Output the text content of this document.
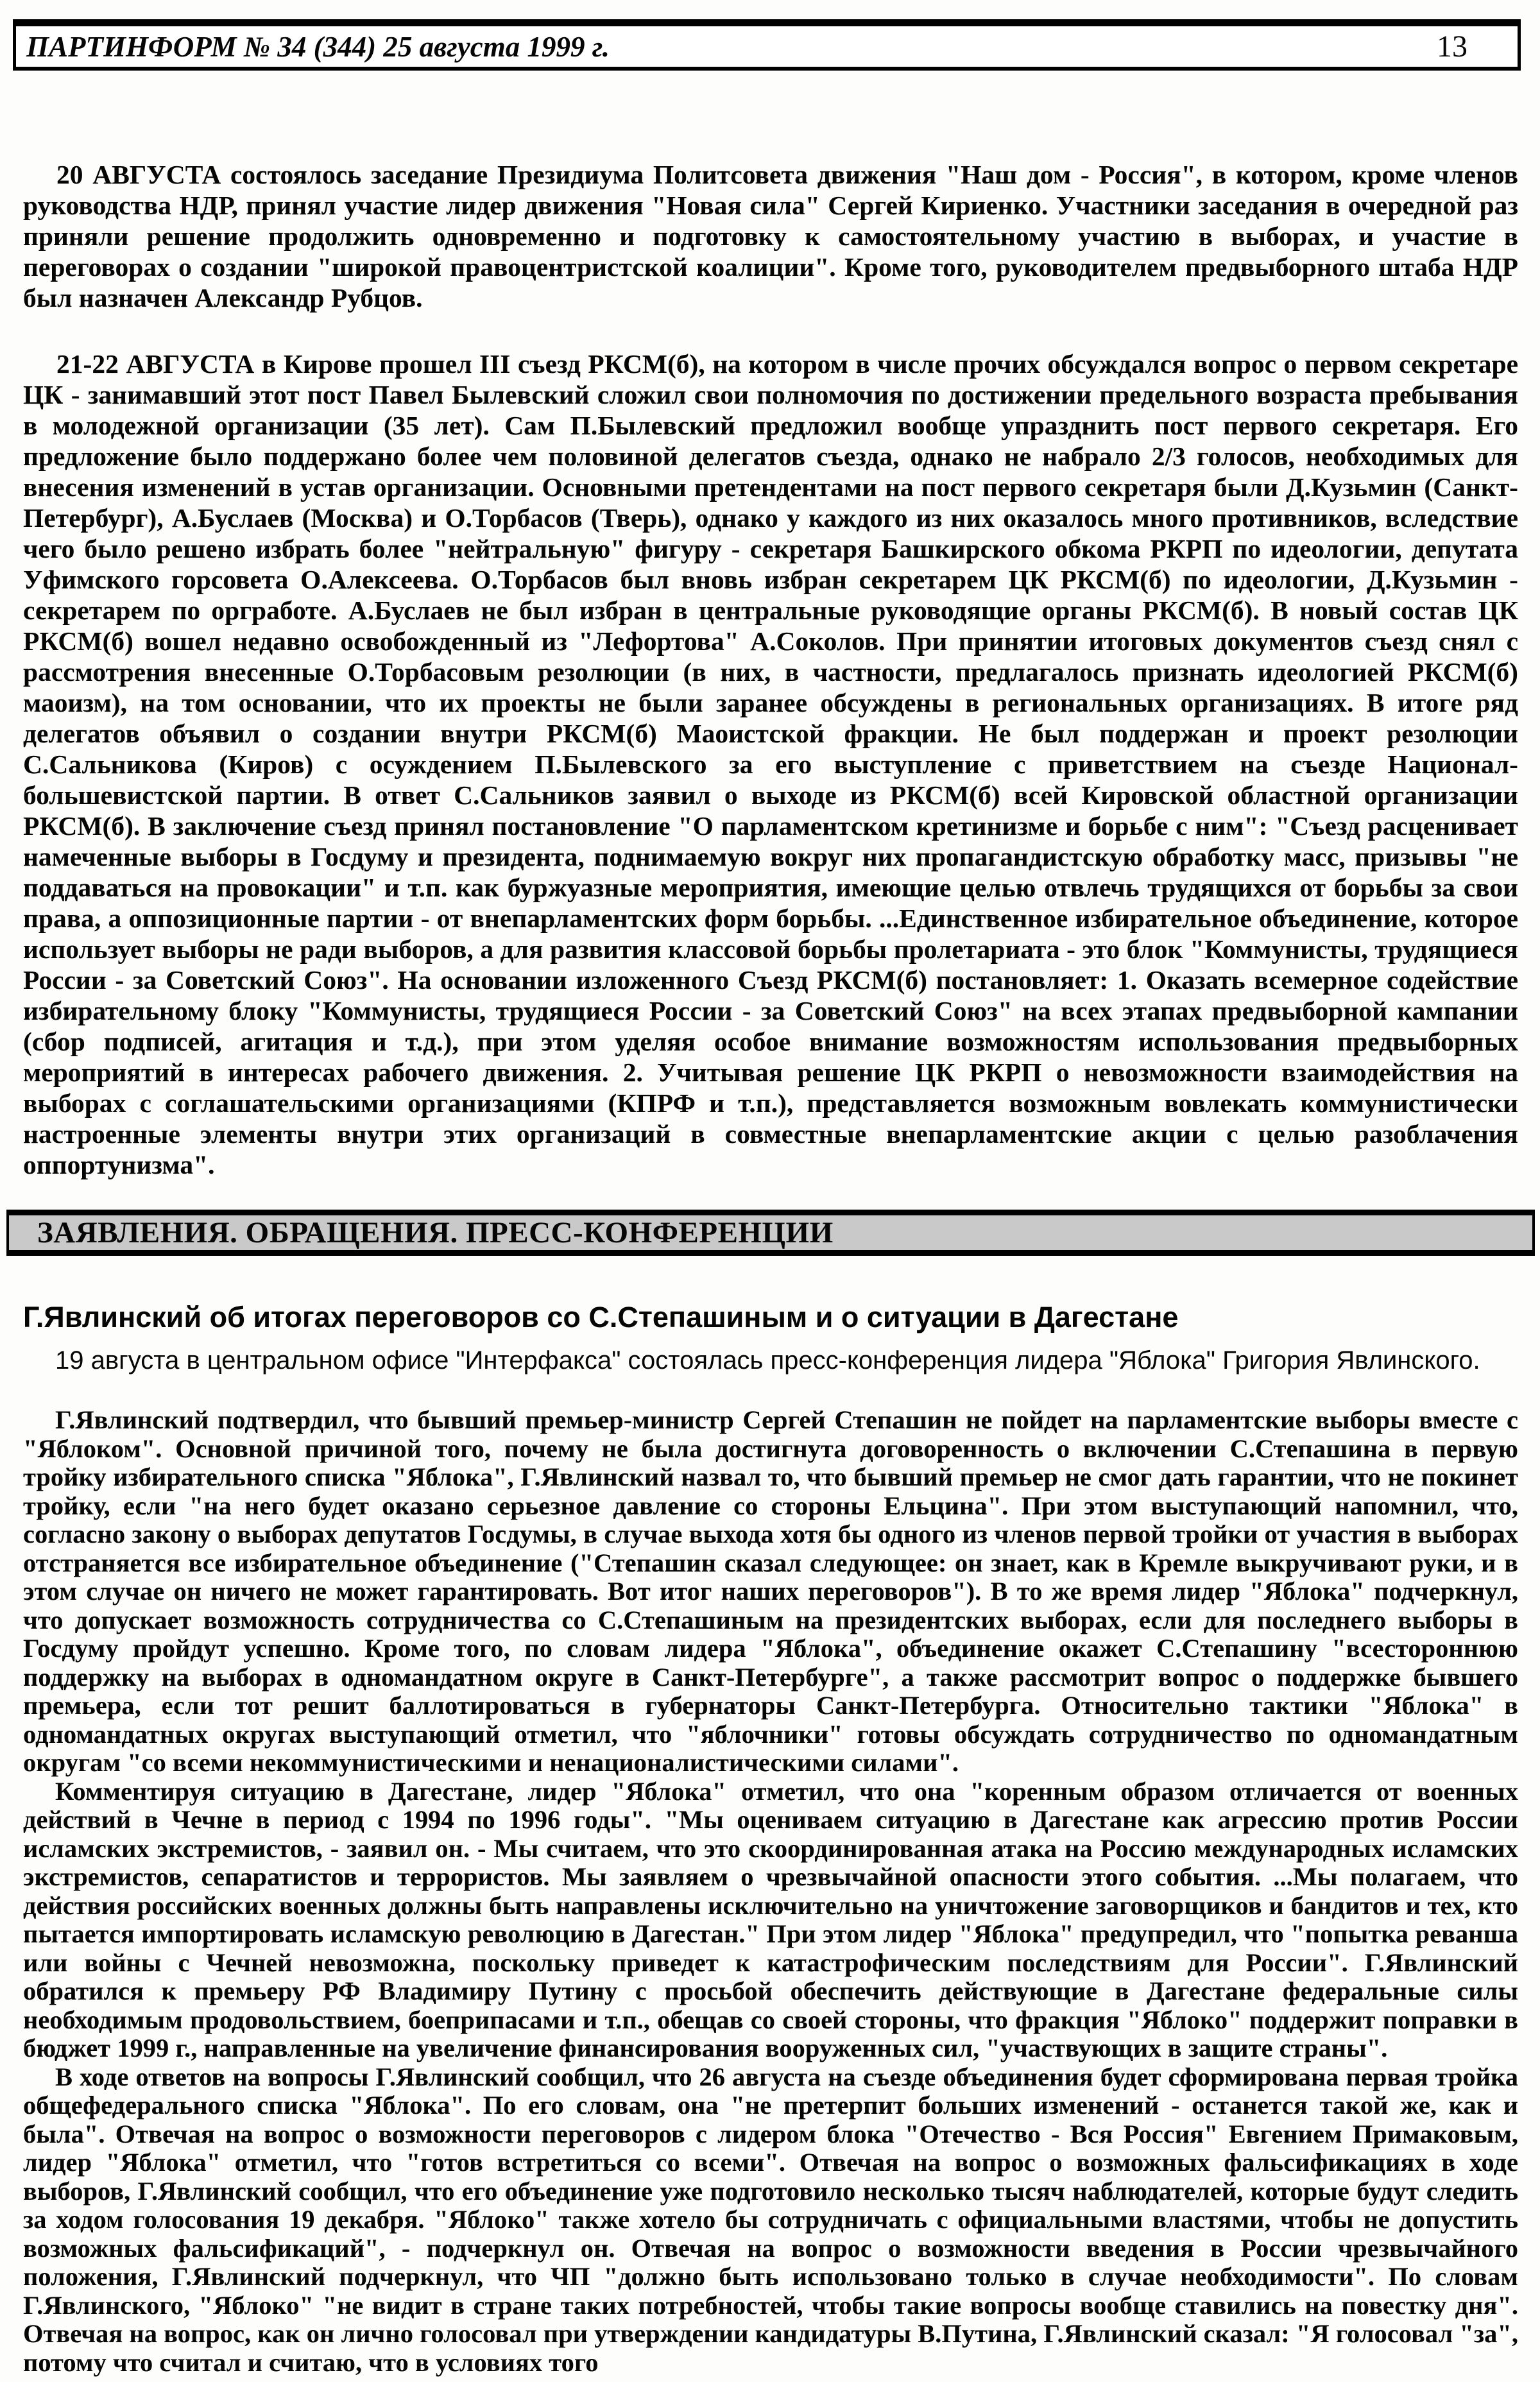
ПАРТИНФОРМ № 34 (344) 25 августа 1999 г.	13

20 АВГУСТА состоялось заседание Президиума Политсовета движения "Наш дом - Россия", в котором, кроме членов руководства НДР, принял участие лидер движения "Новая сила" Сергей Кириенко. Участники заседания в очередной раз приняли решение продолжить одновременно и подготовку к самостоятельному участию в выборах, и участие в переговорах о создании "широкой правоцентристской коалиции". Кроме того, руководителем предвыборного штаба НДР был назначен Александр Рубцов.

21-22 АВГУСТА в Кирове прошел III съезд РКСМ(б), на котором в числе прочих обсуждался вопрос о первом секретаре ЦК - занимавший этот пост Павел Былевский сложил свои полномочия по достижении предельного возраста пребывания в молодежной организации (35 лет). Сам П.Былевский предложил вообще упразднить пост первого секретаря. Его предложение было поддержано более чем половиной делегатов съезда, однако не набрало 2/3 голосов, необходимых для внесения изменений в устав организации. Основными претендентами на пост первого секретаря были Д.Кузьмин (Санкт-Петербург), А.Буслаев (Москва) и О.Торбасов (Тверь), однако у каждого из них оказалось много противников, вследствие чего было решено избрать более "нейтральную" фигуру - секретаря Башкирского обкома РКРП по идеологии, депутата Уфимского горсовета О.Алексеева. О.Торбасов был вновь избран секретарем ЦК РКСМ(б) по идеологии, Д.Кузьмин - секретарем по оргработе. А.Буслаев не был избран в центральные руководящие органы РКСМ(б). В новый состав ЦК РКСМ(б) вошел недавно освобожденный из "Лефортова" А.Соколов. При принятии итоговых документов съезд снял с рассмотрения внесенные О.Торбасовым резолюции (в них, в частности, предлагалось признать идеологией РКСМ(б) маоизм), на том основании, что их проекты не были заранее обсуждены в региональных организациях. В итоге ряд делегатов объявил о создании внутри РКСМ(б) Маоистской фракции. Не был поддержан и проект резолюции С.Сальникова (Киров) с осуждением П.Былевского за его выступление с приветствием на съезде Национал-большевистской партии. В ответ С.Сальников заявил о выходе из РКСМ(б) всей Кировской областной организации РКСМ(б). В заключение съезд принял постановление "О парламентском кретинизме и борьбе с ним": "Съезд расценивает намеченные выборы в Госдуму и президента, поднимаемую вокруг них пропагандистскую обработку масс, призывы "не поддаваться на провокации" и т.п. как буржуазные мероприятия, имеющие целью отвлечь трудящихся от борьбы за свои права, а оппозиционные партии - от внепарламентских форм борьбы. ...Единственное избирательное объединение, которое использует выборы не ради выборов, а для развития классовой борьбы пролетариата - это блок "Коммунисты, трудящиеся России - за Советский Союз". На основании изложенного Съезд РКСМ(б) постановляет: 1. Оказать всемерное содействие избирательному блоку "Коммунисты, трудящиеся России - за Советский Союз" на всех этапах предвыборной кампании (сбор подписей, агитация и т.д.), при этом уделяя особое внимание возможностям использования предвыборных мероприятий в интересах рабочего движения. 2. Учитывая решение ЦК РКРП о невозможности взаимодействия на выборах с соглашательскими организациями (КПРФ и т.п.), представляется возможным вовлекать коммунистически настроенные элементы внутри этих организаций в совместные внепарламентские акции с целью разоблачения оппортунизма".

ЗАЯВЛЕНИЯ. ОБРАЩЕНИЯ. ПРЕСС-КОНФЕРЕНЦИИ
Г.Явлинский об итогах переговоров со С.Степашиным и о ситуации в Дагестане

19 августа в центральном офисе "Интерфакса" состоялась пресс-конференция лидера "Яблока" Григория Явлинского.

Г.Явлинский подтвердил, что бывший премьер-министр Сергей Степашин не пойдет на парламентские выборы вместе с "Яблоком". Основной причиной того, почему не была достигнута договоренность о включении С.Степашина в первую тройку избирательного списка "Яблока", Г.Явлинский назвал то, что бывший премьер не смог дать гарантии, что не покинет тройку, если "на него будет оказано серьезное давление со стороны Ельцина". При этом выступающий напомнил, что, согласно закону о выборах депутатов Госдумы, в случае выхода хотя бы одного из членов первой тройки от участия в выборах отстраняется все избирательное объединение ("Степашин сказал следующее: он знает, как в Кремле выкручивают руки, и в этом случае он ничего не может гарантировать. Вот итог наших переговоров"). В то же время лидер "Яблока" подчеркнул, что допускает возможность сотрудничества со С.Степашиным на президентских выборах, если для последнего выборы в Госдуму пройдут успешно. Кроме того, по словам лидера "Яблока", объединение окажет С.Степашину "всестороннюю поддержку на выборах в одномандатном округе в Санкт-Петербурге", а также рассмотрит вопрос о поддержке бывшего премьера, если тот решит баллотироваться в губернаторы Санкт-Петербурга. Относительно тактики "Яблока" в одномандатных округах выступающий отметил, что "яблочники" готовы обсуждать сотрудничество по одномандатным округам "со всеми некоммунистическими и ненационалистическими силами".

Комментируя ситуацию в Дагестане, лидер "Яблока" отметил, что она "коренным образом отличается от военных действий в Чечне в период с 1994 по 1996 годы". "Мы оцениваем ситуацию в Дагестане как агрессию против России исламских экстремистов, - заявил он. - Мы считаем, что это скоординированная атака на Россию международных исламских экстремистов, сепаратистов и террористов. Мы заявляем о чрезвычайной опасности этого события. ...Мы полагаем, что действия российских военных должны быть направлены исключительно на уничтожение заговорщиков и бандитов и тех, кто пытается импортировать исламскую революцию в Дагестан." При этом лидер "Яблока" предупредил, что "попытка реванша или войны с Чечней невозможна, поскольку приведет к катастрофическим последствиям для России". Г.Явлинский обратился к премьеру РФ Владимиру Путину с просьбой обеспечить действующие в Дагестане федеральные силы необходимым продовольствием, боеприпасами и т.п., обещав со своей стороны, что фракция "Яблоко" поддержит поправки в бюджет 1999 г., направленные на увеличение финансирования вооруженных сил, "участвующих в защите страны".

В ходе ответов на вопросы Г.Явлинский сообщил, что 26 августа на съезде объединения будет сформирована первая тройка общефедерального списка "Яблока". По его словам, она "не претерпит больших изменений - останется такой же, как и была". Отвечая на вопрос о возможности переговоров с лидером блока "Отечество - Вся Россия" Евгением Примаковым, лидер "Яблока" отметил, что "готов встретиться со всеми". Отвечая на вопрос о возможных фальсификациях в ходе выборов, Г.Явлинский сообщил, что его объединение уже подготовило несколько тысяч наблюдателей, которые будут следить за ходом голосования 19 декабря. "Яблоко" также хотело бы сотрудничать с официальными властями, чтобы не допустить возможных фальсификаций", - подчеркнул он. Отвечая на вопрос о возможности введения в России чрезвычайного положения, Г.Явлинский подчеркнул, что ЧП "должно быть использовано только в случае необходимости". По словам Г.Явлинского, "Яблоко" "не видит в стране таких потребностей, чтобы такие вопросы вообще ставились на повестку дня". Отвечая на вопрос, как он лично голосовал при утверждении кандидатуры В.Путина, Г.Явлинский сказал: "Я голосовал "за", потому что считал и считаю, что в условиях того
